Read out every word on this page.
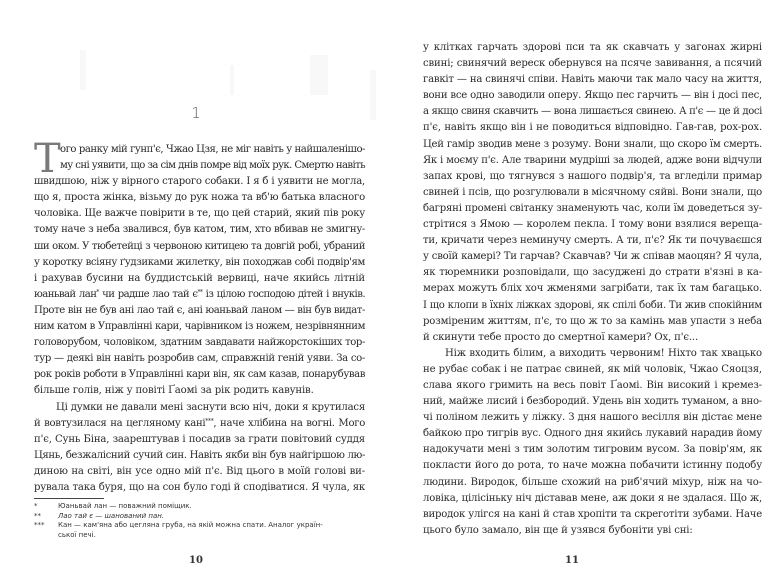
1
Т ого ранку мій гунп'є, Чжао Цзя, не міг навіть у найшаленішо-
му сні уявити, що за сім днів помре від моїх рук. Смертю навіть
швидшою, ніж у вірного старого собаки. І я б і уявити не могла,
що я, проста жінка, візьму до рук ножа та вб'ю батька власного
чоловіка. Ще важче повірити в те, що цей старий, який пів року
тому наче з неба звалився, був катом, тим, хто вбивав не змигну-
ши оком. У тюбетейці з червоною китицею та довгій робі, убраний
у коротку всіяну ґудзиками жилетку, він походжав собі подвір'ям
і рахував бусини на буддистській вервиці, наче якийсь літній
юаньвай лан* чи радше лао тай є** із цілою господою дітей і внуків.
Проте він не був ані лао тай є, ані юаньвай ланом — він був видат-
ним катом в Управлінні кари, чарівником із ножем, незрівнянним
головорубом, чоловіком, здатним завдавати найжорстокіших тор-
тур — деякі він навіть розробив сам, справжній геній уяви. За со-
рок років роботи в Управлінні кари він, як сам казав, понарубував
більше голів, ніж у повіті Ґаомі за рік родить кавунів.
Ці думки не давали мені заснути всю ніч, доки я крутилася
й вовтузилася на цегляному кані***, наче хлібина на вогні. Мого
п'є, Сунь Біна, заарештував і посадив за грати повітовий суддя
Цянь, безжалісний сучий син. Навіть якби він був найгіршою лю-
диною на світі, він усе одно мій п'є. Від цього в моїй голові ви-
рувала така буря, що на сон було годі й сподіватися. Я чула, як
*	Юаньвай лан — поважний поміщик.
**	Лао тай є — шанований пан.
***	Кан — кам'яна або цегляна груба, на якій можна спати. Аналог україн-
ської печі.
10
у клітках гарчать здорові пси та як скавчать у загонах жирні
свині; свинячий вереск обернувся на псяче завивання, а псячий
гавкіт — на свинячі співи. Навіть маючи так мало часу на життя,
вони все одно заводили оперу. Якщо пес гарчить — він і досі пес,
а якщо свиня скавчить — вона лишається свинею. А п'є — це й досі
п'є, навіть якщо він і не поводиться відповідно. Гав-гав, рох-рох.
Цей гамір зводив мене з розуму. Вони знали, що скоро їм смерть.
Як і моєму п'є. Але тварини мудріші за людей, адже вони відчули
запах крові, що тягнувся з нашого подвір'я, та вгледіли примар
свиней і псів, що розгулювали в місячному сяйві. Вони знали, що
багряні промені світанку знаменують час, коли їм доведеться зу-
стрітися з Ямою — королем пекла. І тому вони взялися вереща-
ти, кричати через неминучу смерть. А ти, п'є? Як ти почуваєшся
у своїй камері? Ти гарчав? Скавчав? Чи ж співав маоцян? Я чула,
як тюремники розповідали, що засуджені до страти в'язні в ка-
мерах можуть бліх хоч жменями загрібати, так їх там багацько.
І що клопи в їхніх ліжках здорові, як спілі боби. Ти жив спокійним
розміреним життям, п'є, то що ж то за камінь мав упасти з неба
й скинути тебе просто до смертної камери? Ох, п'є...
Ніж входить білим, а виходить червоним! Ніхто так хвацько
не рубає собак і не патрає свиней, як мій чоловік, Чжао Сяоцзя,
слава якого гримить на весь повіт Ґаомі. Він високий і кремез-
ний, майже лисий і безбородий. Удень він ходить туманом, а вно-
чі поліном лежить у ліжку. З дня нашого весілля він дістає мене
байкою про тигрів вус. Одного дня якийсь лукавий нарадив йому
надокучати мені з тим золотим тигровим вусом. За повір'ям, як
покласти його до рота, то наче можна побачити істинну подобу
людини. Виродок, більше схожий на риб'ячий міхур, ніж на чо-
ловіка, цілісіньку ніч діставав мене, аж доки я не здалася. Що ж,
виродок улігся на кані й став хропіти та скреготіти зубами. Наче
цього було замало, він ще й узявся бубоніти уві сні:
11
